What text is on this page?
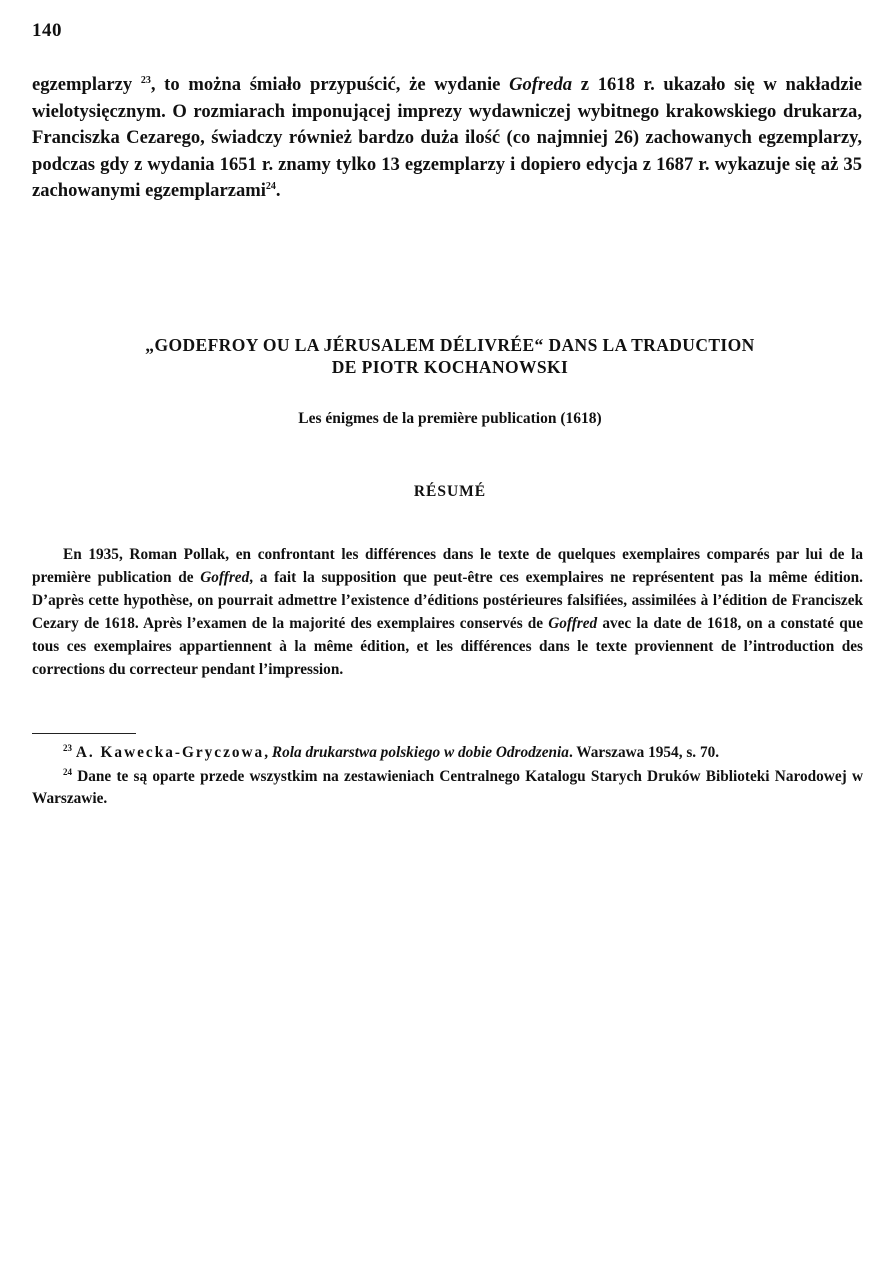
140

egzemplarzy $^{23}$, to można śmiało przypuścić, że wydanie Gofreda z 1618 r. ukazało się w nakładzie wielotysięcznym. O rozmiarach imponującej imprezy wydawniczej wybitnego krakowskiego drukarza, Franciszka Cezarego, świadczy również bardzo duża ilość (co najmniej 26) zachowanych egzemplarzy, podczas gdy z wydania 1651 r. znamy tylko 13 egzemplarzy i dopiero edycja z 1687 r. wykazuje się aż 35 zachowanymi egzemplarzami$^{24}$.

„GODEFROY OU LA JÉRUSALEM DÉLIVRÉE“ DANS LA TRADUCTION
DE PIOTR KOCHANOWSKI

Les énigmes de la première publication (1618)

RÉSUMÉ

En 1935, Roman Pollak, en confrontant les différences dans le texte de quelques exemplaires comparés par lui de la première publication de Goffred, a fait la supposition que peut-être ces exemplaires ne représentent pas la même édition. D’après cette hypothèse, on pourrait admettre l’existence d’éditions postérieures falsifiées, assimilées à l’édition de Franciszek Cezary de 1618. Après l’examen de la majorité des exemplaires conservés de Goffred avec la date de 1618, on a constaté que tous ces exemplaires appartiennent à la même édition, et les différences dans le texte proviennent de l’introduction des corrections du correcteur pendant l’impression.

$^{23}$ A. Kawecka-Gryczowa, Rola drukarstwa polskiego w dobie Odrodzenia. Warszawa 1954, s. 70.

$^{24}$ Dane te są oparte przede wszystkim na zestawieniach Centralnego Katalogu Starych Druków Biblioteki Narodowej w Warszawie.
